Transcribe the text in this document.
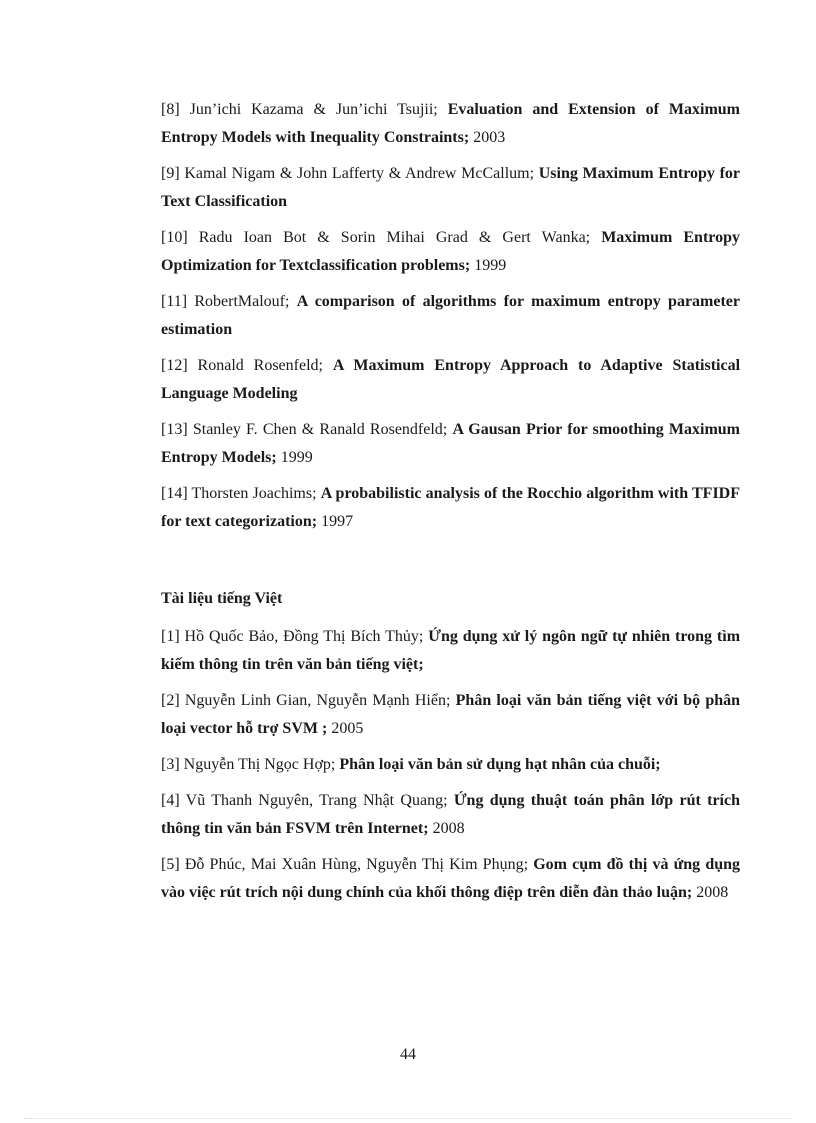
[8] Jun’ichi Kazama & Jun’ichi Tsujii; Evaluation and Extension of Maximum Entropy Models with Inequality Constraints; 2003

[9] Kamal Nigam & John Lafferty & Andrew McCallum; Using Maximum Entropy for Text Classification

[10] Radu Ioan Bot & Sorin Mihai Grad & Gert Wanka; Maximum Entropy Optimization for Textclassification problems; 1999

[11] RobertMalouf; A comparison of algorithms for maximum entropy parameter estimation

[12] Ronald Rosenfeld; A Maximum Entropy Approach to Adaptive Statistical Language Modeling

[13] Stanley F. Chen & Ranald Rosendfeld; A Gausan Prior for smoothing Maximum Entropy Models; 1999

[14] Thorsten Joachims; A probabilistic analysis of the Rocchio algorithm with TFIDF for text categorization; 1997

Tài liệu tiếng Việt

[1] Hồ Quốc Bảo, Đồng Thị Bích Thủy; Ứng dụng xử lý ngôn ngữ tự nhiên trong tìm kiếm thông tin trên văn bản tiếng việt;

[2] Nguyễn Linh Gian, Nguyễn Mạnh Hiển; Phân loại văn bản tiếng việt với bộ phân loại vector hỗ trợ SVM ; 2005

[3] Nguyễn Thị Ngọc Hợp; Phân loại văn bản sử dụng hạt nhân của chuỗi;

[4] Vũ Thanh Nguyên, Trang Nhật Quang; Ứng dụng thuật toán phân lớp rút trích thông tin văn bản FSVM trên Internet; 2008

[5] Đỗ Phúc, Mai Xuân Hùng, Nguyễn Thị Kim Phụng; Gom cụm đồ thị và ứng dụng vào việc rút trích nội dung chính của khối thông điệp trên diễn đàn thảo luận; 2008

44
